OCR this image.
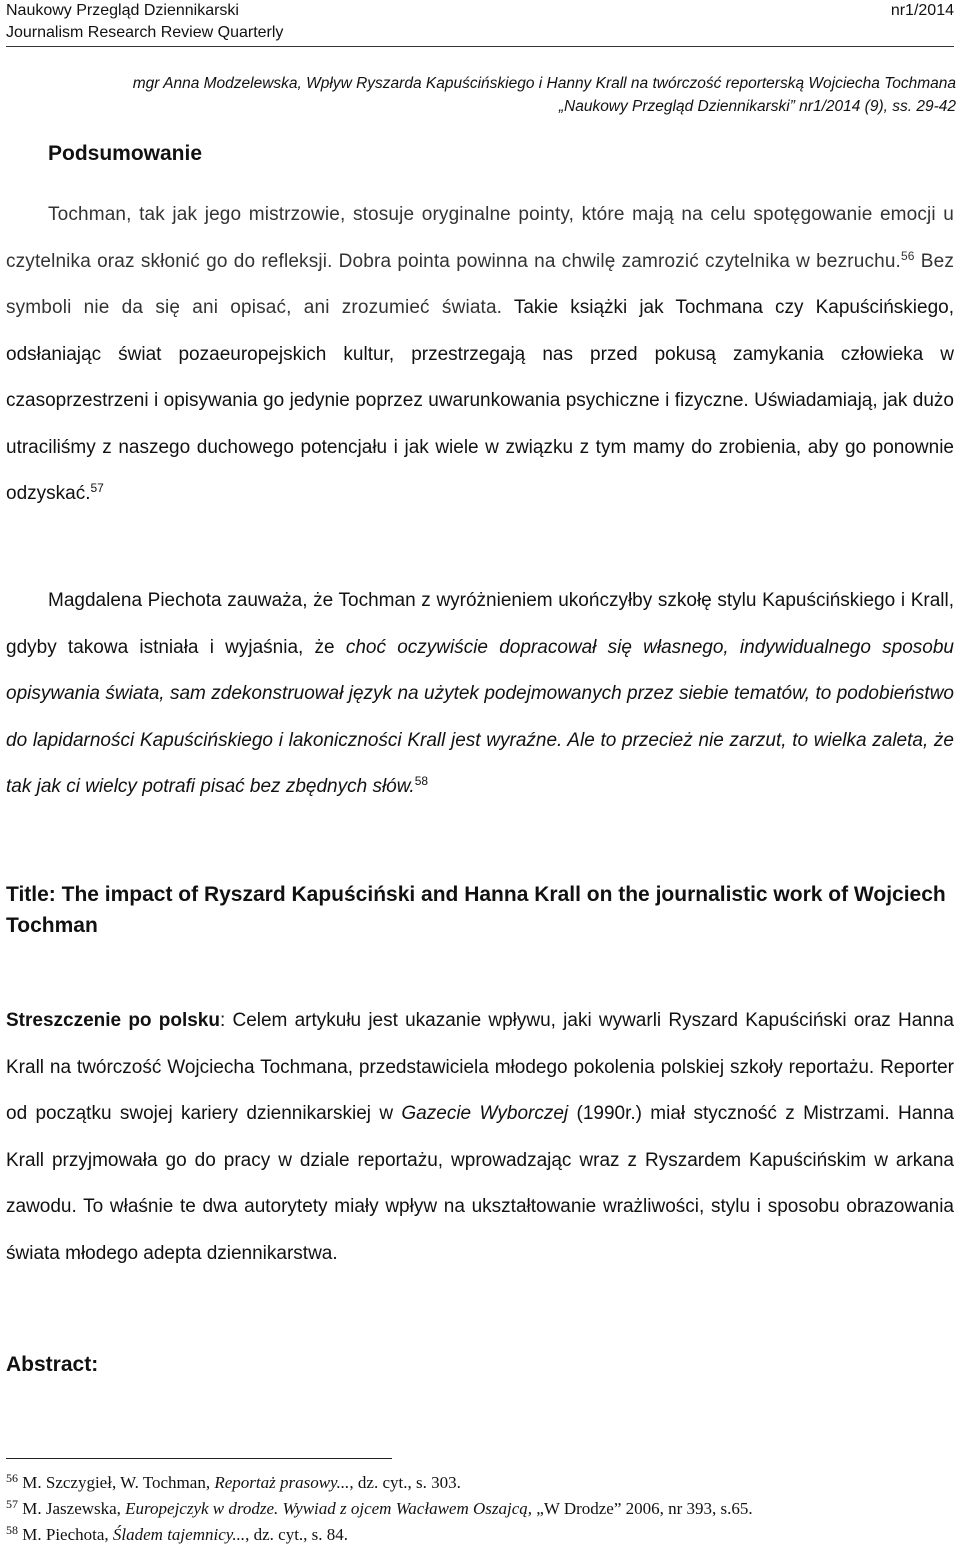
Naukowy Przegląd Dziennikarski	nr1/2014
Journalism Research Review Quarterly
mgr Anna Modzelewska, Wpływ Ryszarda Kapuścińskiego i Hanny Krall na twórczość reporterską Wojciecha Tochmana
„Naukowy Przegląd Dziennikarski” nr1/2014 (9), ss. 29-42
Podsumowanie
Tochman, tak jak jego mistrzowie, stosuje oryginalne pointy, które mają na celu spotęgowanie emocji u czytelnika oraz skłonić go do refleksji. Dobra pointa powinna na chwilę zamrozić czytelnika w bezruchu.$^{56}$ Bez symboli nie da się ani opisać, ani zrozumieć świata. Takie książki jak Tochmana czy Kapuścińskiego, odsłaniając świat pozaeuropejskich kultur, przestrzegają nas przed pokusą zamykania człowieka w czasoprzestrzeni i opisywania go jedynie poprzez uwarunkowania psychiczne i fizyczne. Uświadamiają, jak dużo utraciliśmy z naszego duchowego potencjału i jak wiele w związku z tym mamy do zrobienia, aby go ponownie odzyskać.$^{57}$
Magdalena Piechota zauważa, że Tochman z wyróżnieniem ukończyłby szkołę stylu Kapuścińskiego i Krall, gdyby takowa istniała i wyjaśnia, że choć oczywiście dopracował się własnego, indywidualnego sposobu opisywania świata, sam zdekonstruował język na użytek podejmowanych przez siebie tematów, to podobieństwo do lapidarności Kapuścińskiego i lakoniczności Krall jest wyraźne. Ale to przecież nie zarzut, to wielka zaleta, że tak jak ci wielcy potrafi pisać bez zbędnych słów.$^{58}$
Title: The impact of Ryszard Kapuściński and Hanna Krall on the journalistic work of Wojciech Tochman
Streszczenie po polsku: Celem artykułu jest ukazanie wpływu, jaki wywarli Ryszard Kapuściński oraz Hanna Krall na twórczość Wojciecha Tochmana, przedstawiciela młodego pokolenia polskiej szkoły reportażu. Reporter od początku swojej kariery dziennikarskiej w Gazecie Wyborczej (1990r.) miał styczność z Mistrzami. Hanna Krall przyjmowała go do pracy w dziale reportażu, wprowadzając wraz z Ryszardem Kapuścińskim w arkana zawodu. To właśnie te dwa autorytety miały wpływ na ukształtowanie wrażliwości, stylu i sposobu obrazowania świata młodego adepta dziennikarstwa.
Abstract:
$^{56}$ M. Szczygieł, W. Tochman, Reportaż prasowy..., dz. cyt., s. 303.
$^{57}$ M. Jaszewska, Europejczyk w drodze. Wywiad z ojcem Wacławem Oszajcą, „W Drodze” 2006, nr 393, s.65.
$^{58}$ M. Piechota, Śladem tajemnicy..., dz. cyt., s. 84.
